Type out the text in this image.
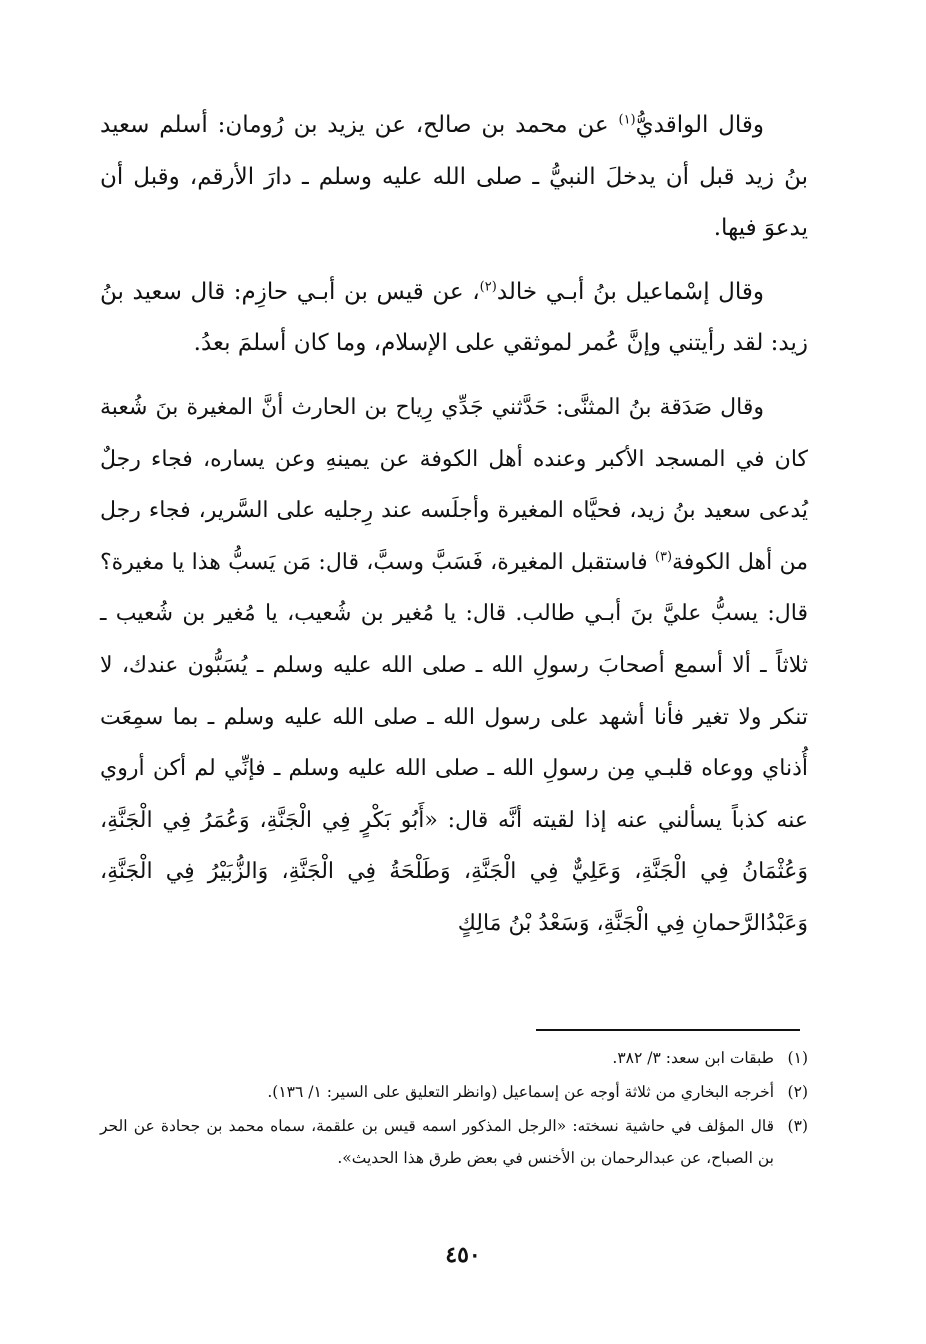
وقال الواقديُّ$^{(١)}$ عن محمد بن صالح، عن يزيد بن رُومان: أسلم سعيد بنُ زيد قبل أن يدخلَ النبيُّ ـ صلى الله عليه وسلم ـ دارَ الأرقم، وقبل أن يدعوَ فيها.

وقال إسْماعيل بنُ أبـي خالد$^{(٢)}$، عن قيس بن أبـي حازِم: قال سعيد بنُ زيد: لقد رأيتني وإنَّ عُمر لموثقي على الإسلام، وما كان أسلمَ بعدُ.

وقال صَدَقة بنُ المثنَّى: حَدَّثني جَدِّي رِياح بن الحارث أنَّ المغيرة بنَ شُعبة كان في المسجد الأكبر وعنده أهل الكوفة عن يمينهِ وعن يساره، فجاء رجلٌ يُدعى سعيد بنُ زيد، فحيَّاه المغيرة وأجلَسه عند رِجليه على السَّرير، فجاء رجل من أهل الكوفة$^{(٣)}$ فاستقبل المغيرة، فَسَبَّ وسبَّ، قال: مَن يَسبُّ هذا يا مغيرة؟ قال: يسبُّ عليَّ بنَ أبـي طالب. قال: يا مُغير بن شُعيب، يا مُغير بن شُعيب ـ ثلاثاً ـ ألا أسمع أصحابَ رسولِ الله ـ صلى الله عليه وسلم ـ يُسَبُّون عندك، لا تنكر ولا تغير فأنا أشهد على رسول الله ـ صلى الله عليه وسلم ـ بما سمِعَت أُذناي ووعاه قلبـي مِن رسولِ الله ـ صلى الله عليه وسلم ـ فإنِّي لم أكن أروي عنه كذباً يسألني عنه إذا لقيته أنَّه قال: «أَبُو بَكْرٍ فِي الْجَنَّةِ، وَعُمَرُ فِي الْجَنَّةِ، وَعُثْمَانُ فِي الْجَنَّةِ، وَعَلِيٌّ فِي الْجَنَّةِ، وَطَلْحَةُ فِي الْجَنَّةِ، وَالزُّبَيْرُ فِي الْجَنَّةِ، وَعَبْدُالرَّحمانِ فِي الْجَنَّةِ، وَسَعْدُ بْنُ مَالِكٍ

(١)
طبقات ابن سعد: ٣/ ٣٨٢.
(٢)
أخرجه البخاري من ثلاثة أوجه عن إسماعيل (وانظر التعليق على السير: ١/ ١٣٦).
(٣)
قال المؤلف في حاشية نسخته: «الرجل المذكور اسمه قيس بن علقمة، سماه محمد بن جحادة عن الحر بن الصباح، عن عبدالرحمان بن الأخنس في بعض طرق هذا الحديث».
٤٥٠
